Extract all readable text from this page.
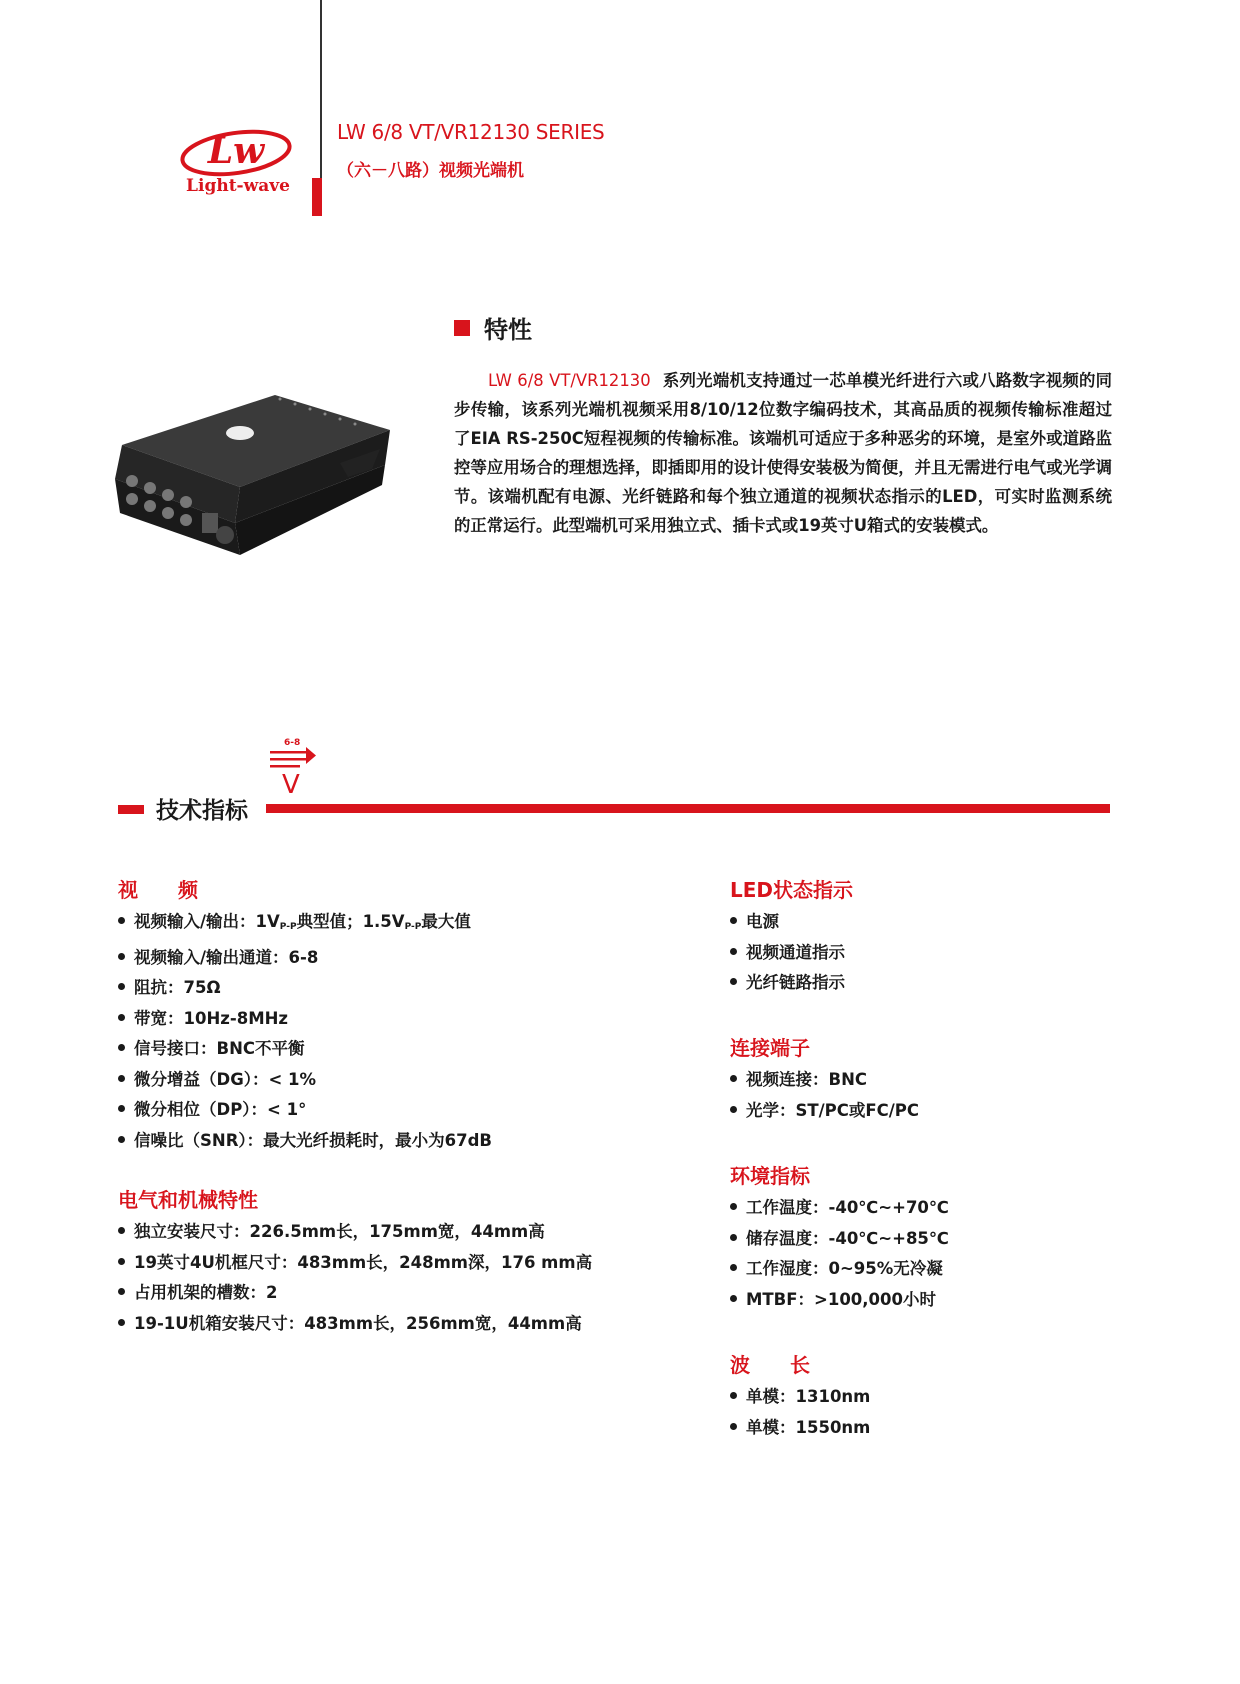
Lw
Light-wave
LW 6/8 VT/VR12130 SERIES
（六－八路）视频光端机
特性
LW 6/8 VT/VR12130 系列光端机支持通过一芯单模光纤进行六或八路数字视频的同步传输，该系列光端机视频采用8/10/12位数字编码技术，其高品质的视频传输标准超过了EIA RS-250C短程视频的传输标准。该端机可适应于多种恶劣的环境，是室外或道路监控等应用场合的理想选择，即插即用的设计使得安装极为简便，并且无需进行电气或光学调节。该端机配有电源、光纤链路和每个独立通道的视频状态指示的LED，可实时监测系统的正常运行。此型端机可采用独立式、插卡式或19英寸U箱式的安装模式。
技术指标
6-8
V
视　　频
视频输入/输出：$1V_{P-P}$典型值；$1.5V_{P-P}$最大值
视频输入/输出通道：6-8
阻抗：75Ω
带宽：10Hz-8MHz
信号接口：BNC不平衡
微分增益（DG）：< 1%
微分相位（DP）：< 1°
信噪比（SNR）：最大光纤损耗时，最小为67dB
电气和机械特性
独立安装尺寸：226.5mm长，175mm宽，44mm高
19英寸4U机框尺寸：483mm长，248mm深，176 mm高
占用机架的槽数：2
19-1U机箱安装尺寸：483mm长，256mm宽，44mm高
LED状态指示
电源
视频通道指示
光纤链路指示
连接端子
视频连接：BNC
光学：ST/PC或FC/PC
环境指标
工作温度：-40℃~+70℃
储存温度：-40℃~+85℃
工作湿度：0~95%无冷凝
MTBF：>100,000小时
波　　长
单模：1310nm
单模：1550nm
